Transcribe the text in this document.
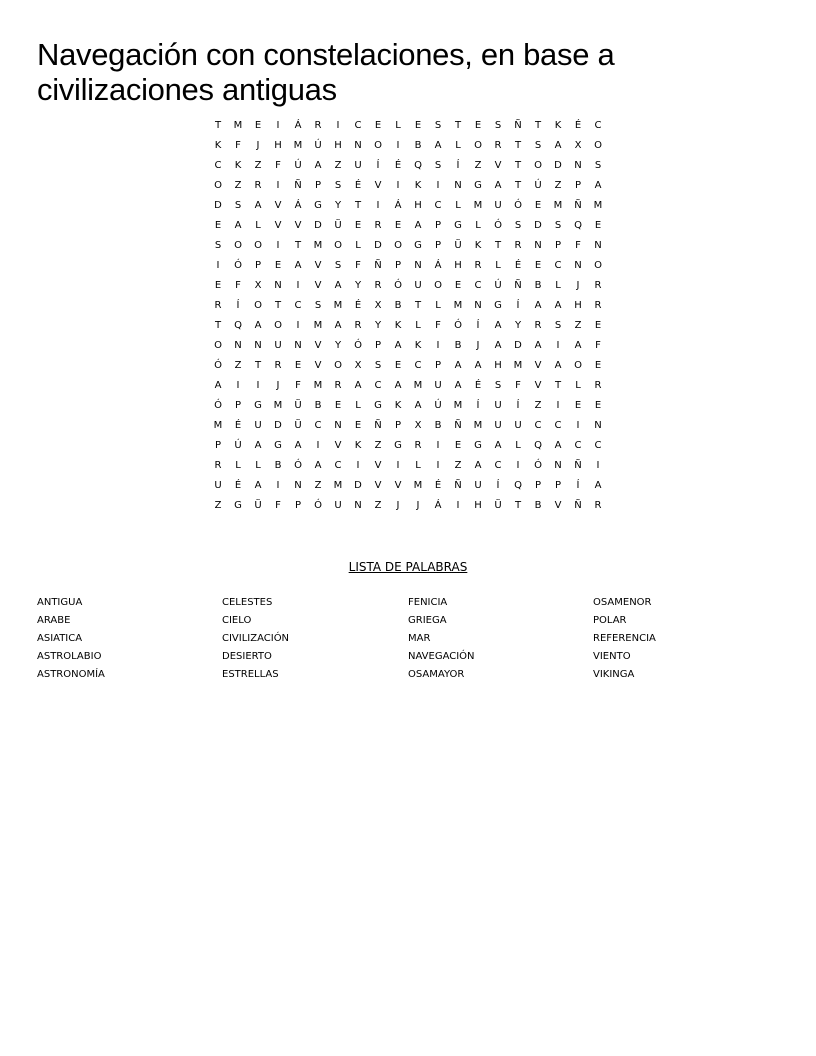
Navegación con constelaciones, en base a civilizaciones antiguas
T	M	E	I	Á	R	I	C	E	L	E	S	T	E	S	Ñ	T	K	É	C
K	F	J	H	M	Ú	H	N	O	I	B	A	L	O	R	T	S	A	X	O
C	K	Z	F	Ú	A	Z	U	Í	É	Q	S	Í	Z	V	T	O	D	N	S
O	Z	R	I	Ñ	P	S	É	V	I	K	I	N	G	A	T	Ú	Z	P	A
D	S	A	V	Á	G	Y	T	I	Á	H	C	L	M	U	Ó	E	M	Ñ	M
E	A	L	V	V	D	Ü	E	R	E	A	P	G	L	Ó	S	D	S	Q	E
S	O	O	I	T	M	O	L	D	O	G	P	Ü	K	T	R	N	P	F	N
I	Ó	P	E	A	V	S	F	Ñ	P	N	Á	H	R	L	É	E	C	N	O
E	F	X	N	I	V	A	Y	R	Ó	U	O	E	C	Ú	Ñ	B	L	J	R
R	Í	O	T	C	S	M	É	X	B	T	L	M	N	G	Í	A	A	H	R
T	Q	A	O	I	M	A	R	Y	K	L	F	Ó	Í	A	Y	R	S	Z	E
O	N	N	U	N	V	Y	Ó	P	A	K	I	B	J	A	D	A	I	A	F
Ó	Z	T	R	E	V	O	X	S	E	C	P	A	A	H	M	V	A	O	E
A	I	I	J	F	M	R	A	C	A	M	U	A	É	S	F	V	T	L	R
Ó	P	G	M	Ü	B	E	L	G	K	A	Ú	M	Í	U	Í	Z	I	E	E
M	É	U	D	Ü	C	N	E	Ñ	P	X	B	Ñ	M	U	U	C	C	I	N
P	Ú	A	G	A	I	V	K	Z	G	R	I	E	G	A	L	Q	A	C	C
R	L	L	B	Ó	A	C	I	V	I	L	I	Z	A	C	I	Ó	N	Ñ	I
U	É	A	I	N	Z	M	D	V	V	M	É	Ñ	U	Í	Q	P	P	Í	A
Z	G	Ü	F	P	Ó	U	N	Z	J	J	Á	I	H	Ü	T	B	V	Ñ	R
LISTA DE PALABRAS
ANTIGUA
ARABE
ASIATICA
ASTROLABIO
ASTRONOMÍA
CELESTES
CIELO
CIVILIZACIÓN
DESIERTO
ESTRELLAS
FENICIA
GRIEGA
MAR
NAVEGACIÓN
OSAMAYOR
OSAMENOR
POLAR
REFERENCIA
VIENTO
VIKINGA
